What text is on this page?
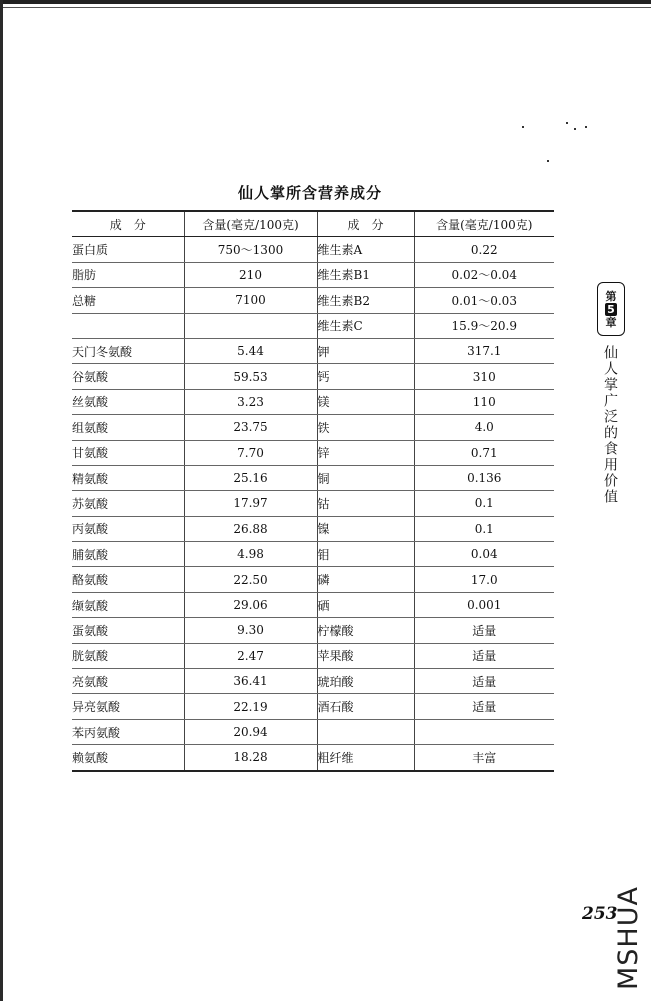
仙人掌所含营养成分
成　分	含量(毫克/100克)	成　分	含量(毫克/100克)
蛋白质	750～1300	维生素A	0.22
脂肪	210	维生素B1	0.02～0.04
总糖	7100	维生素B2	0.01～0.03
		维生素C	15.9～20.9
天门冬氨酸	5.44	钾	317.1
谷氨酸	59.53	钙	310
丝氨酸	3.23	镁	110
组氨酸	23.75	铁	4.0
甘氨酸	7.70	锌	0.71
精氨酸	25.16	铜	0.136
苏氨酸	17.97	钴	0.1
丙氨酸	26.88	镍	0.1
脯氨酸	4.98	钼	0.04
酪氨酸	22.50	磷	17.0
缬氨酸	29.06	硒	0.001
蛋氨酸	9.30	柠檬酸	适量
胱氨酸	2.47	苹果酸	适量
亮氨酸	36.41	琥珀酸	适量
异亮氨酸	22.19	酒石酸	适量
苯丙氨酸	20.94		
赖氨酸	18.28	粗纤维	丰富
第
5
章
仙人掌广泛的食用价值
253
MSHUA
